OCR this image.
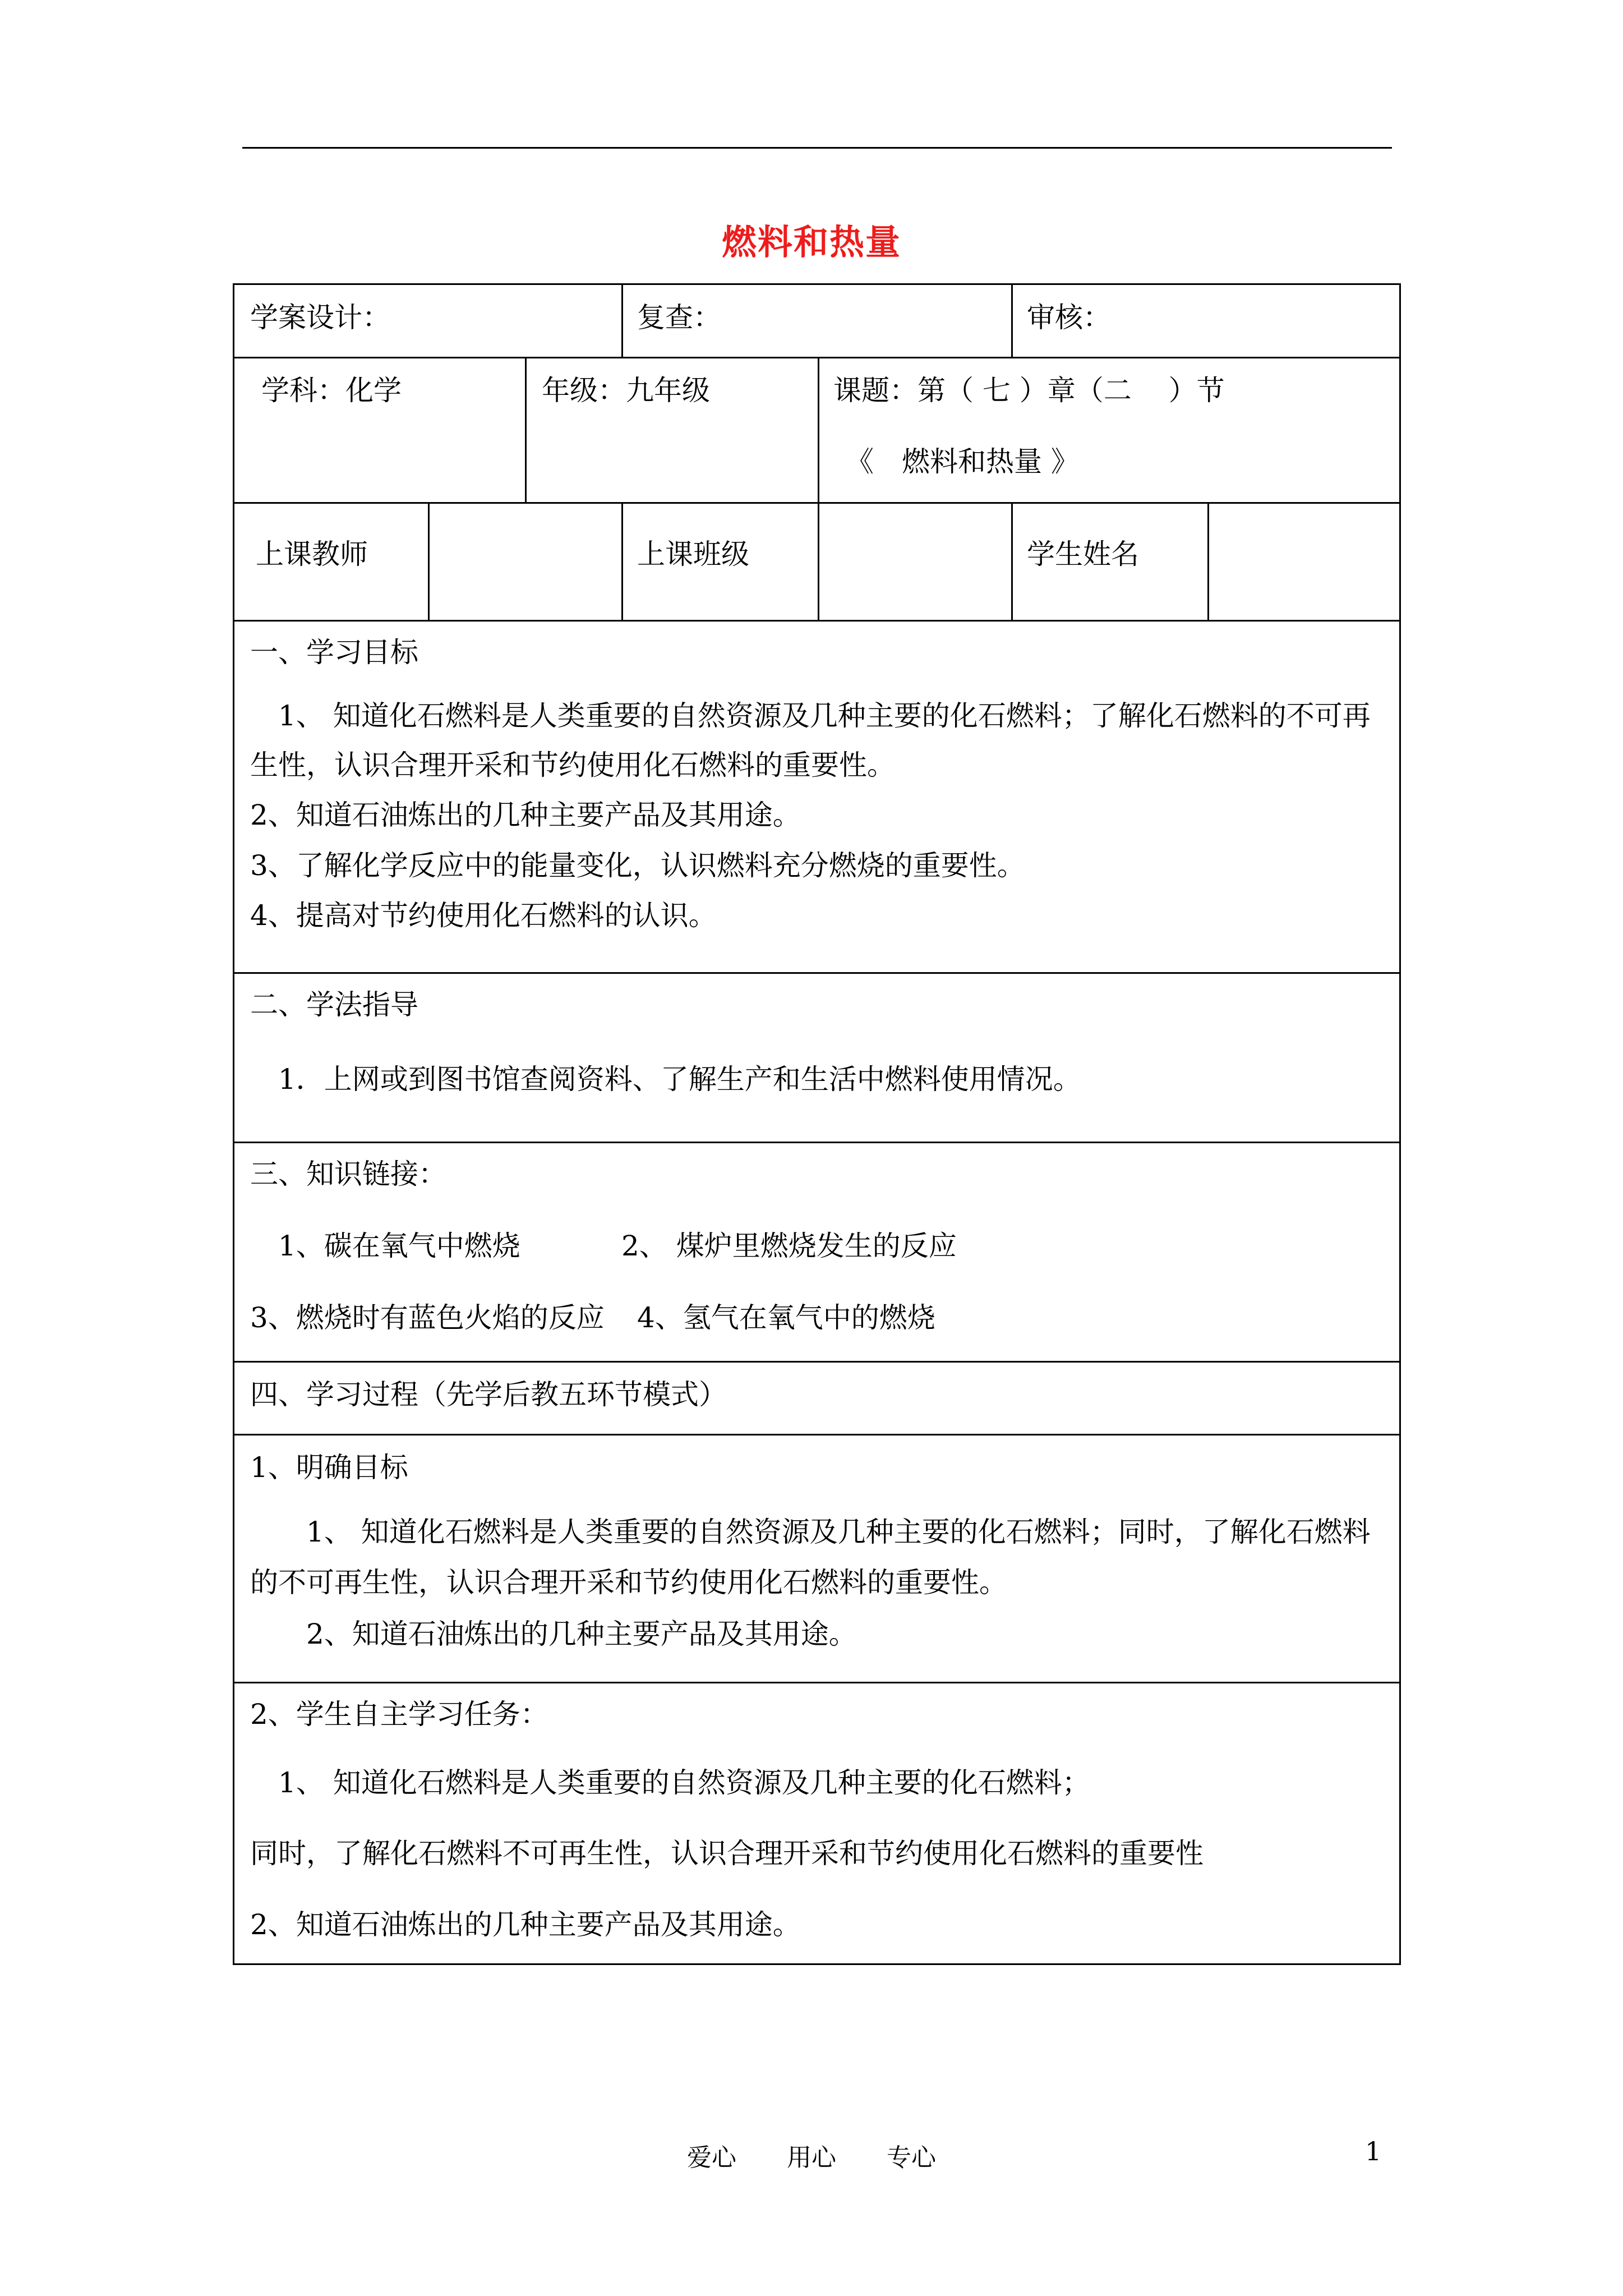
燃料和热量
学案设计：	复查：	审核：
学科：化学	年级：九年级	课题：第（ 七 ）章（二　 ）节
《　燃料和热量 》
上课教师	上课班级	学生姓名
一、学习目标
1、 知道化石燃料是人类重要的自然资源及几种主要的化石燃料；了解化石燃料的不可再
生性，认识合理开采和节约使用化石燃料的重要性。
2、知道石油炼出的几种主要产品及其用途。
3、了解化学反应中的能量变化，认识燃料充分燃烧的重要性。
4、提高对节约使用化石燃料的认识。
二、学法指导
1．上网或到图书馆查阅资料、了解生产和生活中燃料使用情况。
三、知识链接：
1、碳在氧气中燃烧	2、 煤炉里燃烧发生的反应
3、燃烧时有蓝色火焰的反应 4、氢气在氧气中的燃烧
四、学习过程（先学后教五环节模式）
1、明确目标
1、 知道化石燃料是人类重要的自然资源及几种主要的化石燃料；同时，了解化石燃料
的不可再生性，认识合理开采和节约使用化石燃料的重要性。
2、知道石油炼出的几种主要产品及其用途。
2、学生自主学习任务：
1、 知道化石燃料是人类重要的自然资源及几种主要的化石燃料；
同时，了解化石燃料不可再生性，认识合理开采和节约使用化石燃料的重要性
2、知道石油炼出的几种主要产品及其用途。
爱心 用心 专心	1
